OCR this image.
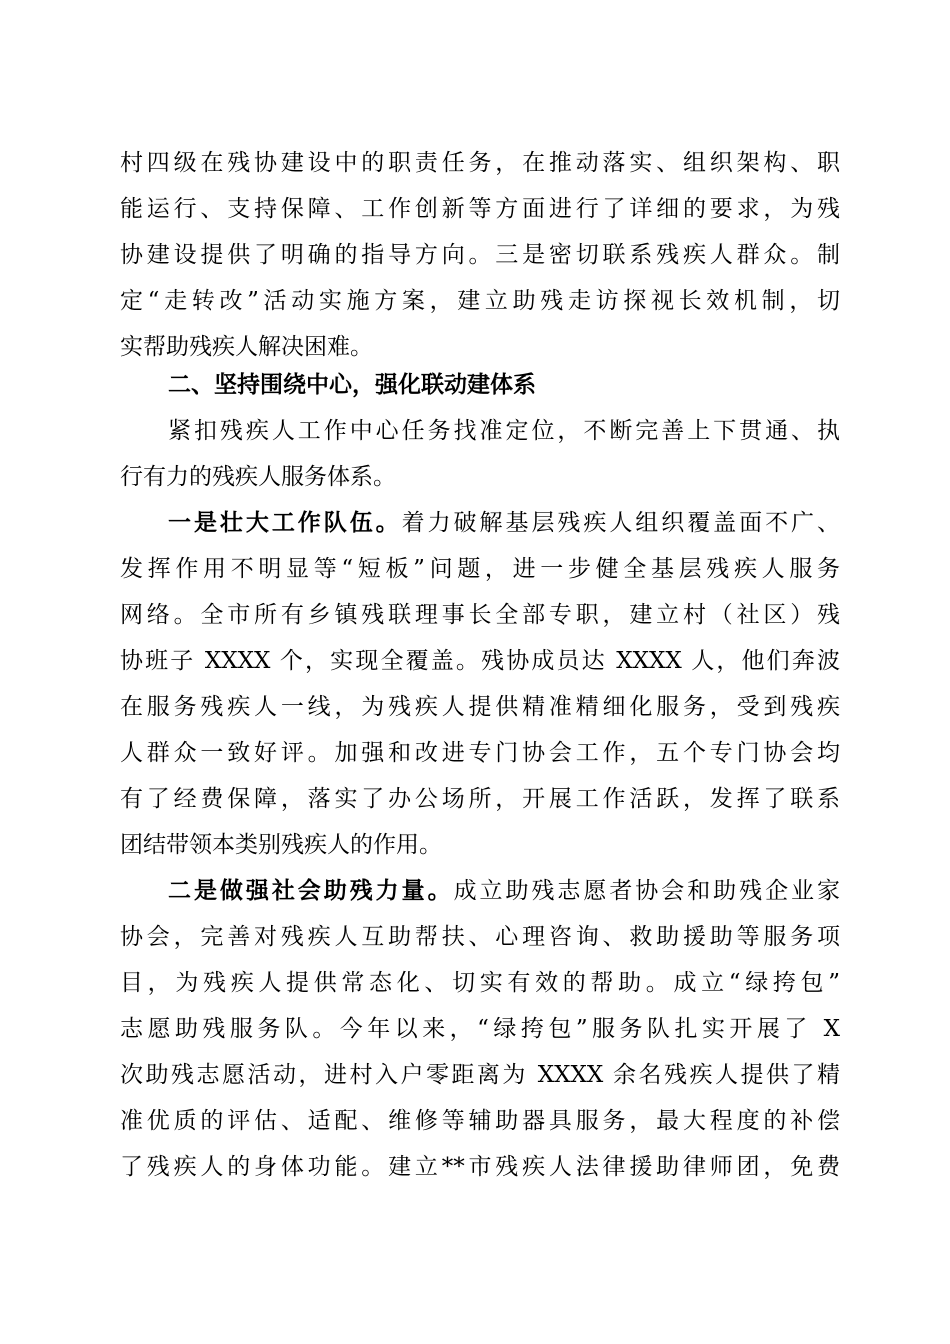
村四级在残协建设中的职责任务，在推动落实、组织架构、职
能运行、支持保障、工作创新等方面进行了详细的要求，为残
协建设提供了明确的指导方向。三是密切联系残疾人群众。制
定“走转改”活动实施方案，建立助残走访探视长效机制，切
实帮助残疾人解决困难。
二、坚持围绕中心，强化联动建体系
紧扣残疾人工作中心任务找准定位，不断完善上下贯通、执
行有力的残疾人服务体系。
一是壮大工作队伍。着力破解基层残疾人组织覆盖面不广、
发挥作用不明显等“短板”问题，进一步健全基层残疾人服务
网络。全市所有乡镇残联理事长全部专职，建立村（社区）残
协班子 XXXX 个，实现全覆盖。残协成员达 XXXX 人，他们奔波
在服务残疾人一线，为残疾人提供精准精细化服务，受到残疾
人群众一致好评。加强和改进专门协会工作，五个专门协会均
有了经费保障，落实了办公场所，开展工作活跃，发挥了联系
团结带领本类别残疾人的作用。
二是做强社会助残力量。成立助残志愿者协会和助残企业家
协会，完善对残疾人互助帮扶、心理咨询、救助援助等服务项
目，为残疾人提供常态化、切实有效的帮助。成立“绿挎包”
志愿助残服务队。今年以来，“绿挎包”服务队扎实开展了 X
次助残志愿活动，进村入户零距离为 XXXX 余名残疾人提供了精
准优质的评估、适配、维修等辅助器具服务，最大程度的补偿
了残疾人的身体功能。建立**市残疾人法律援助律师团，免费
